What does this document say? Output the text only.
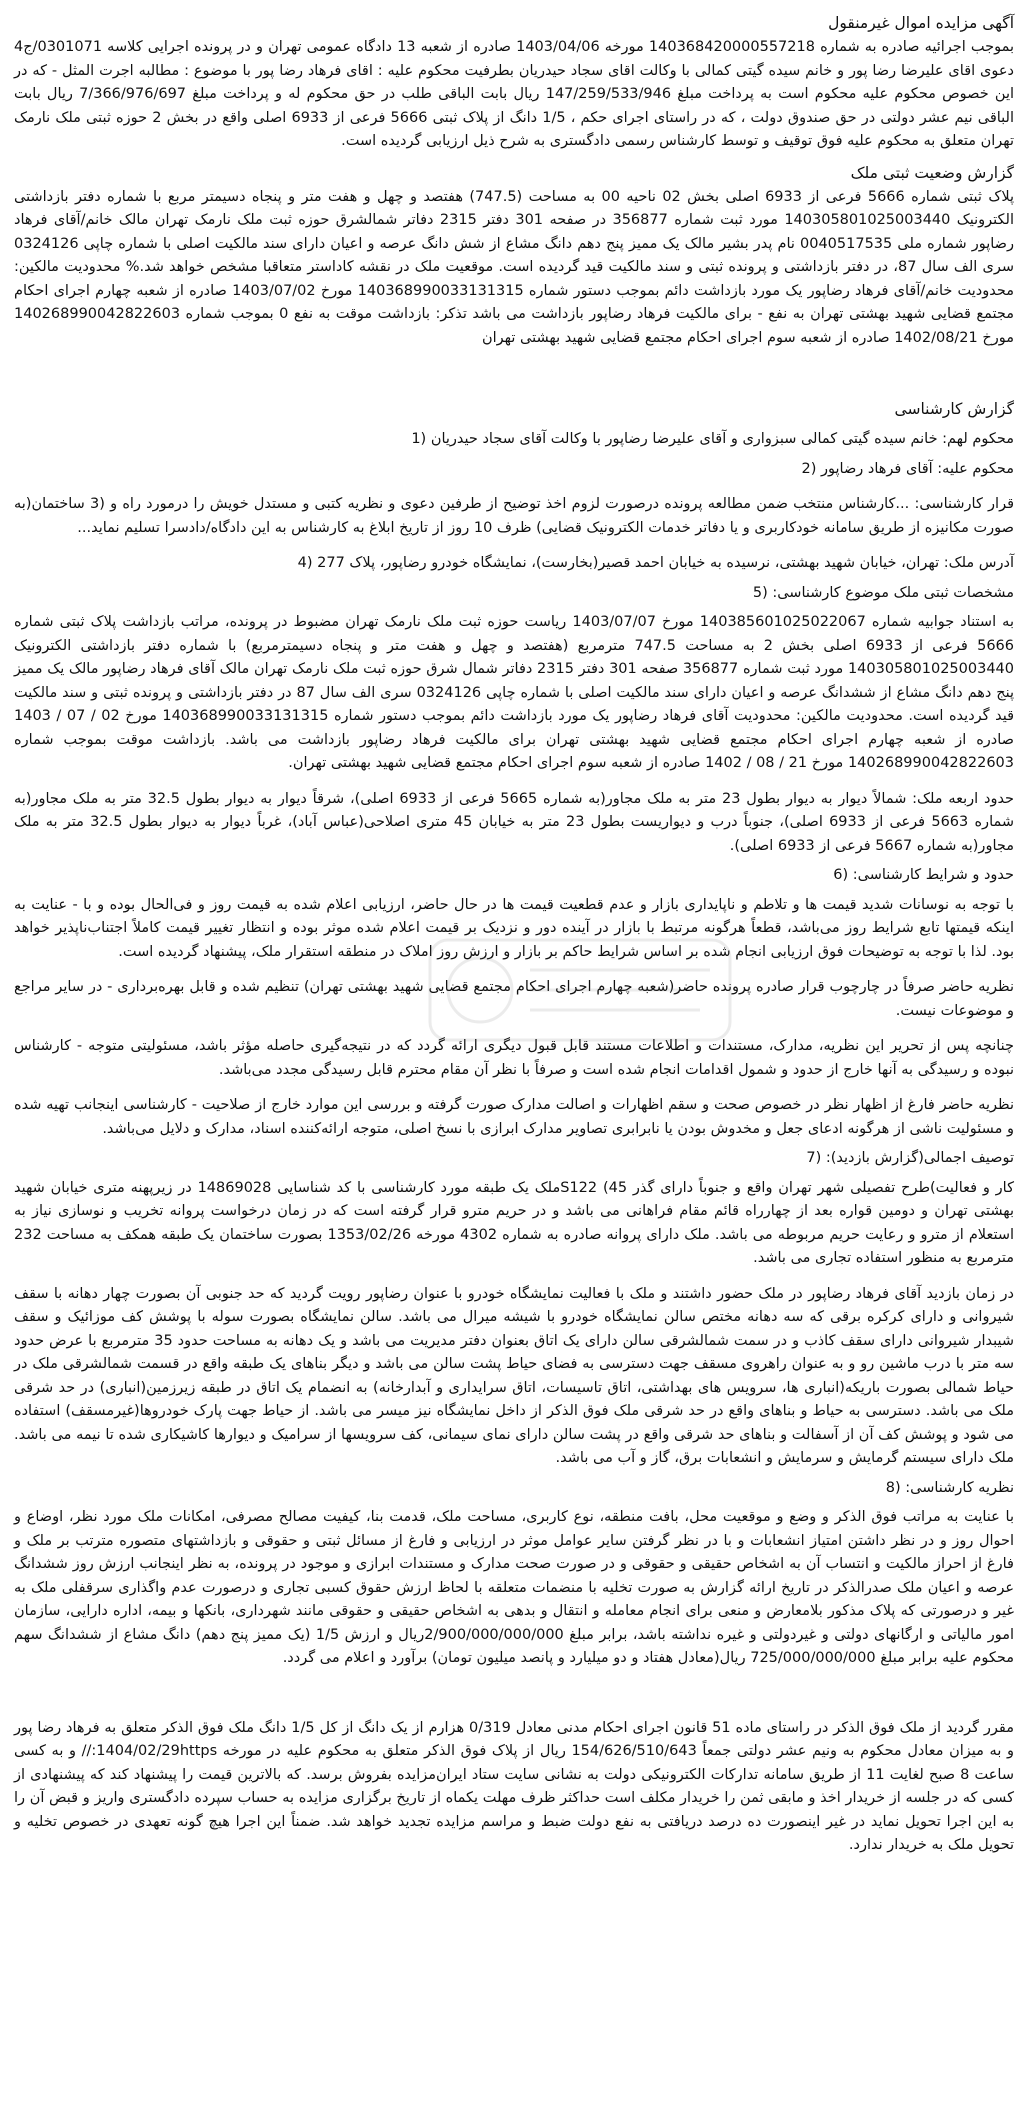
آگهی مزایده اموال غیرمنقول

بموجب اجرائیه صادره به شماره 140368420000557218 مورخه 1403/04/06 صادره از شعبه 13 دادگاه عمومی تهران و در پرونده اجرایی کلاسه 0301071/ج4 دعوی اقای علیرضا رضا پور و خانم سیده گیتی کمالی با وکالت اقای سجاد حیدریان بطرفیت محکوم علیه : اقای فرهاد رضا پور با موضوع : مطالبه اجرت المثل - که در این خصوص محکوم علیه محکوم است به پرداخت مبلغ 147/259/533/946 ریال بابت الباقی طلب در حق محکوم له و پرداخت مبلغ 7/366/976/697 ریال بابت الباقی نیم عشر دولتی در حق صندوق دولت ، که در راستای اجرای حکم ، 1/5 دانگ از پلاک ثبتی 5666 فرعی از 6933 اصلی واقع در بخش 2 حوزه ثبتی ملک نارمک تهران متعلق به محکوم علیه فوق توقیف و توسط کارشناس رسمی دادگستری به شرح ذیل ارزیابی گردیده است.

گزارش وضعیت ثبتی ملک

پلاک ثبتی شماره 5666 فرعی از 6933 اصلی بخش 02 ناحیه 00 به مساحت (747.5) هفتصد و چهل و هفت متر و پنجاه دسیمتر مربع با شماره دفتر بازداشتی الکترونیک 140305801025003440 مورد ثبت شماره 356877 در صفحه 301 دفتر 2315 دفاتر شمالشرق حوزه ثبت ملک نارمک تهران مالک خانم/آقای فرهاد رضاپور شماره ملی 0040517535 نام پدر بشیر مالک یک ممیز پنج دهم دانگ مشاع از شش دانگ عرصه و اعیان دارای سند مالکیت اصلی با شماره چاپی 0324126 سری الف سال 87، در دفتر بازداشتی و پرونده ثبتی و سند مالکیت قید گردیده است. موقعیت ملک در نقشه کاداستر متعاقبا مشخص خواهد شد.% محدودیت مالکین: محدودیت خانم/آقای فرهاد رضاپور یک مورد بازداشت دائم بموجب دستور شماره 140368990033131315 مورخ 1403/07/02 صادره از شعبه چهارم اجرای احکام مجتمع قضایی شهید بهشتی تهران به نفع - برای مالکیت فرهاد رضاپور بازداشت می باشد تذکر: بازداشت موقت به نفع 0 بموجب شماره 140268990042822603 مورخ 1402/08/21 صادره از شعبه سوم اجرای احکام مجتمع قضایی شهید بهشتی تهران

گزارش کارشناسی

محکوم لهم: خانم سیده گیتی کمالی سبزواری و آقای علیرضا رضاپور با وکالت آقای سجاد حیدریان (1

محکوم علیه: آقای فرهاد رضاپور (2

قرار کارشناسی: ...کارشناس منتخب ضمن مطالعه پرونده درصورت لزوم اخذ توضیح از طرفین دعوی و نظریه کتبی و مستدل خویش را درمورد راه و (3 ساختمان(به صورت مکانیزه از طریق سامانه خودکاربری و یا دفاتر خدمات الکترونیک قضایی) ظرف 10 روز از تاریخ ابلاغ به کارشناس به این دادگاه/دادسرا تسلیم نماید...

آدرس ملک: تهران، خیابان شهید بهشتی، نرسیده به خیابان احمد قصیر(بخارست)، نمایشگاه خودرو رضاپور، پلاک 277 (4

مشخصات ثبتی ملک موضوع کارشناسی: (5

به استناد جوابیه شماره 140385601025022067 مورخ 1403/07/07 ریاست حوزه ثبت ملک نارمک تهران مضبوط در پرونده، مراتب بازداشت پلاک ثبتی شماره 5666 فرعی از 6933 اصلی بخش 2 به مساحت 747.5 مترمربع (هفتصد و چهل و هفت متر و پنجاه دسیمترمربع) با شماره دفتر بازداشتی الکترونیک 140305801025003440 مورد ثبت شماره 356877 صفحه 301 دفتر 2315 دفاتر شمال شرق حوزه ثبت ملک نارمک تهران مالک آقای فرهاد رضاپور مالک یک ممیز پنج دهم دانگ مشاع از ششدانگ عرصه و اعیان دارای سند مالکیت اصلی با شماره چاپی 0324126 سری الف سال 87 در دفتر بازداشتی و پرونده ثبتی و سند مالکیت قید گردیده است. محدودیت مالکین: محدودیت آقای فرهاد رضاپور یک مورد بازداشت دائم بموجب دستور شماره 140368990033131315 مورخ 02 / 07 / 1403 صادره از شعبه چهارم اجرای احکام مجتمع قضایی شهید بهشتی تهران برای مالکیت فرهاد رضاپور بازداشت می باشد. بازداشت موقت بموجب شماره 140268990042822603 مورخ 21 / 08 / 1402 صادره از شعبه سوم اجرای احکام مجتمع قضایی شهید بهشتی تهران.

حدود اربعه ملک: شمالاً دیوار به دیوار بطول 23 متر به ملک مجاور(به شماره 5665 فرعی از 6933 اصلی)، شرقاً دیوار به دیوار بطول 32.5 متر به ملک مجاور(به شماره 5663 فرعی از 6933 اصلی)، جنوباً درب و دیواریست بطول 23 متر به خیابان 45 متری اصلاحی(عباس آباد)، غرباً دیوار به دیوار بطول 32.5 متر به ملک مجاور(به شماره 5667 فرعی از 6933 اصلی).

حدود و شرایط کارشناسی: (6

با توجه به نوسانات شدید قیمت ها و تلاطم و ناپایداری بازار و عدم قطعیت قیمت ها در حال حاضر، ارزیابی اعلام شده به قیمت روز و فی‌الحال بوده و با - عنایت به اینکه قیمتها تابع شرایط روز می‌باشد، قطعاً هرگونه مرتبط با بازار در آینده دور و نزدیک بر قیمت اعلام شده موثر بوده و انتظار تغییر قیمت کاملاً اجتناب‌ناپذیر خواهد بود. لذا با توجه به توضیحات فوق ارزیابی انجام شده بر اساس شرایط حاکم بر بازار و ارزش روز املاک در منطقه استقرار ملک، پیشنهاد گردیده است.

نظریه حاضر صرفاً در چارچوب قرار صادره پرونده حاضر(شعبه چهارم اجرای احکام مجتمع قضایی شهید بهشتی تهران) تنظیم شده و قابل بهره‌برداری - در سایر مراجع و موضوعات نیست.

چنانچه پس از تحریر این نظریه، مدارک، مستندات و اطلاعات مستند قابل قبول دیگری ارائه گردد که در نتیجه‌گیری حاصله مؤثر باشد، مسئولیتی متوجه - کارشناس نبوده و رسیدگی به آنها خارج از حدود و شمول اقدامات انجام شده است و صرفاً با نظر آن مقام محترم قابل رسیدگی مجدد می‌باشد.

نظریه حاضر فارغ از اظهار نظر در خصوص صحت و سقم اظهارات و اصالت مدارک صورت گرفته و بررسی این موارد خارج از صلاحیت - کارشناسی اینجانب تهیه شده و مسئولیت ناشی از هرگونه ادعای جعل و مخدوش بودن یا نابرابری تصاویر مدارک ابرازی با نسخ اصلی، متوجه ارائه‌کننده اسناد، مدارک و دلایل می‌باشد.

توصیف اجمالی(گزارش بازدید): (7

کار و فعالیت)طرح تفصیلی شهر تهران واقع و جنوباً دارای گذر 45) S122ملک یک طبقه مورد کارشناسی با کد شناسایی 14869028 در زیرپهنه متری خیابان شهید بهشتی تهران و دومین قواره بعد از چهارراه قائم مقام فراهانی می باشد و در حریم مترو قرار گرفته است که در زمان درخواست پروانه تخریب و نوسازی نیاز به استعلام از مترو و رعایت حریم مربوطه می باشد. ملک دارای پروانه صادره به شماره 4302 مورخه 1353/02/26 بصورت ساختمان یک طبقه همکف به مساحت 232 مترمربع به منظور استفاده تجاری می باشد.

در زمان بازدید آقای فرهاد رضاپور در ملک حضور داشتند و ملک با فعالیت نمایشگاه خودرو با عنوان رضاپور رویت گردید که حد جنوبی آن بصورت چهار دهانه با سقف شیروانی و دارای کرکره برقی که سه دهانه مختص سالن نمایشگاه خودرو با شیشه میرال می باشد. سالن نمایشگاه بصورت سوله با پوشش کف موزائیک و سقف شیبدار شیروانی دارای سقف کاذب و در سمت شمالشرقی سالن دارای یک اتاق بعنوان دفتر مدیریت می باشد و یک دهانه به مساحت حدود 35 مترمربع با عرض حدود سه متر با درب ماشین رو و به عنوان راهروی مسقف جهت دسترسی به فضای حیاط پشت سالن می باشد و دیگر بناهای یک طبقه واقع در قسمت شمالشرقی ملک در حیاط شمالی بصورت باریکه(انباری ها، سرویس های بهداشتی، اتاق تاسیسات، اتاق سرایداری و آبدارخانه) به انضمام یک اتاق در طبقه زیرزمین(انباری) در حد شرقی ملک می باشد. دسترسی به حیاط و بناهای واقع در حد شرقی ملک فوق الذکر از داخل نمایشگاه نیز میسر می باشد. از حیاط جهت پارک خودروها(غیرمسقف) استفاده می شود و پوشش کف آن از آسفالت و بناهای حد شرقی واقع در پشت سالن دارای نمای سیمانی، کف سرویسها از سرامیک و دیوارها کاشیکاری شده تا نیمه می باشد. ملک دارای سیستم گرمایش و سرمایش و انشعابات برق، گاز و آب می باشد.

نظریه کارشناسی: (8

با عنایت به مراتب فوق الذکر و وضع و موقعیت محل، بافت منطقه، نوع کاربری، مساحت ملک، قدمت بنا، کیفیت مصالح مصرفی، امکانات ملک مورد نظر، اوضاع و احوال روز و در نظر داشتن امتیاز انشعابات و با در نظر گرفتن سایر عوامل موثر در ارزیابی و فارغ از مسائل ثبتی و حقوقی و بازداشتهای متصوره مترتب بر ملک و فارغ از احراز مالکیت و انتساب آن به اشخاص حقیقی و حقوقی و در صورت صحت مدارک و مستندات ابرازی و موجود در پرونده، به نظر اینجانب ارزش روز ششدانگ عرصه و اعیان ملک صدرالذکر در تاریخ ارائه گزارش به صورت تخلیه با منضمات متعلقه با لحاظ ارزش حقوق کسبی تجاری و درصورت عدم واگذاری سرقفلی ملک به غیر و درصورتی که پلاک مذکور بلامعارض و منعی برای انجام معامله و انتقال و بدهی به اشخاص حقیقی و حقوقی مانند شهرداری، بانکها و بیمه، اداره دارایی، سازمان امور مالیاتی و ارگانهای دولتی و غیردولتی و غیره نداشته باشد، برابر مبلغ 2/900/000/000/000ریال و ارزش 1/5 (یک ممیز پنج دهم) دانگ مشاع از ششدانگ سهم محکوم علیه برابر مبلغ 725/000/000/000 ریال(معادل هفتاد و دو میلیارد و پانصد میلیون تومان) برآورد و اعلام می گردد.

مقرر گردید از ملک فوق الذکر در راستای ماده 51 قانون اجرای احکام مدنی معادل 0/319 هزارم از یک دانگ از کل 1/5 دانگ ملک فوق الذکر متعلق به فرهاد رضا پور و به میزان معادل محکوم به ونیم عشر دولتی جمعاً 154/626/510/643 ریال از پلاک فوق الذکر متعلق به محکوم علیه در مورخه 1404/02/29https:// و به کسی ساعت 8 صبح لغایت 11 از طریق سامانه تدارکات الکترونیکی دولت به نشانی سایت ستاد ایران‌مزایده بفروش برسد. که بالاترین قیمت را پیشنهاد کند که پیشنهادی از کسی که در جلسه از خریدار اخذ و مابقی ثمن را خریدار مکلف است حداکثر ظرف مهلت یکماه از تاریخ برگزاری مزایده به حساب سپرده دادگستری واریز و قبض آن را به این اجرا تحویل نماید در غیر اینصورت ده درصد دریافتی به نفع دولت ضبط و مراسم مزایده تجدید خواهد شد. ضمناً این اجرا هیچ گونه تعهدی در خصوص تخلیه و تحویل ملک به خریدار ندارد.
